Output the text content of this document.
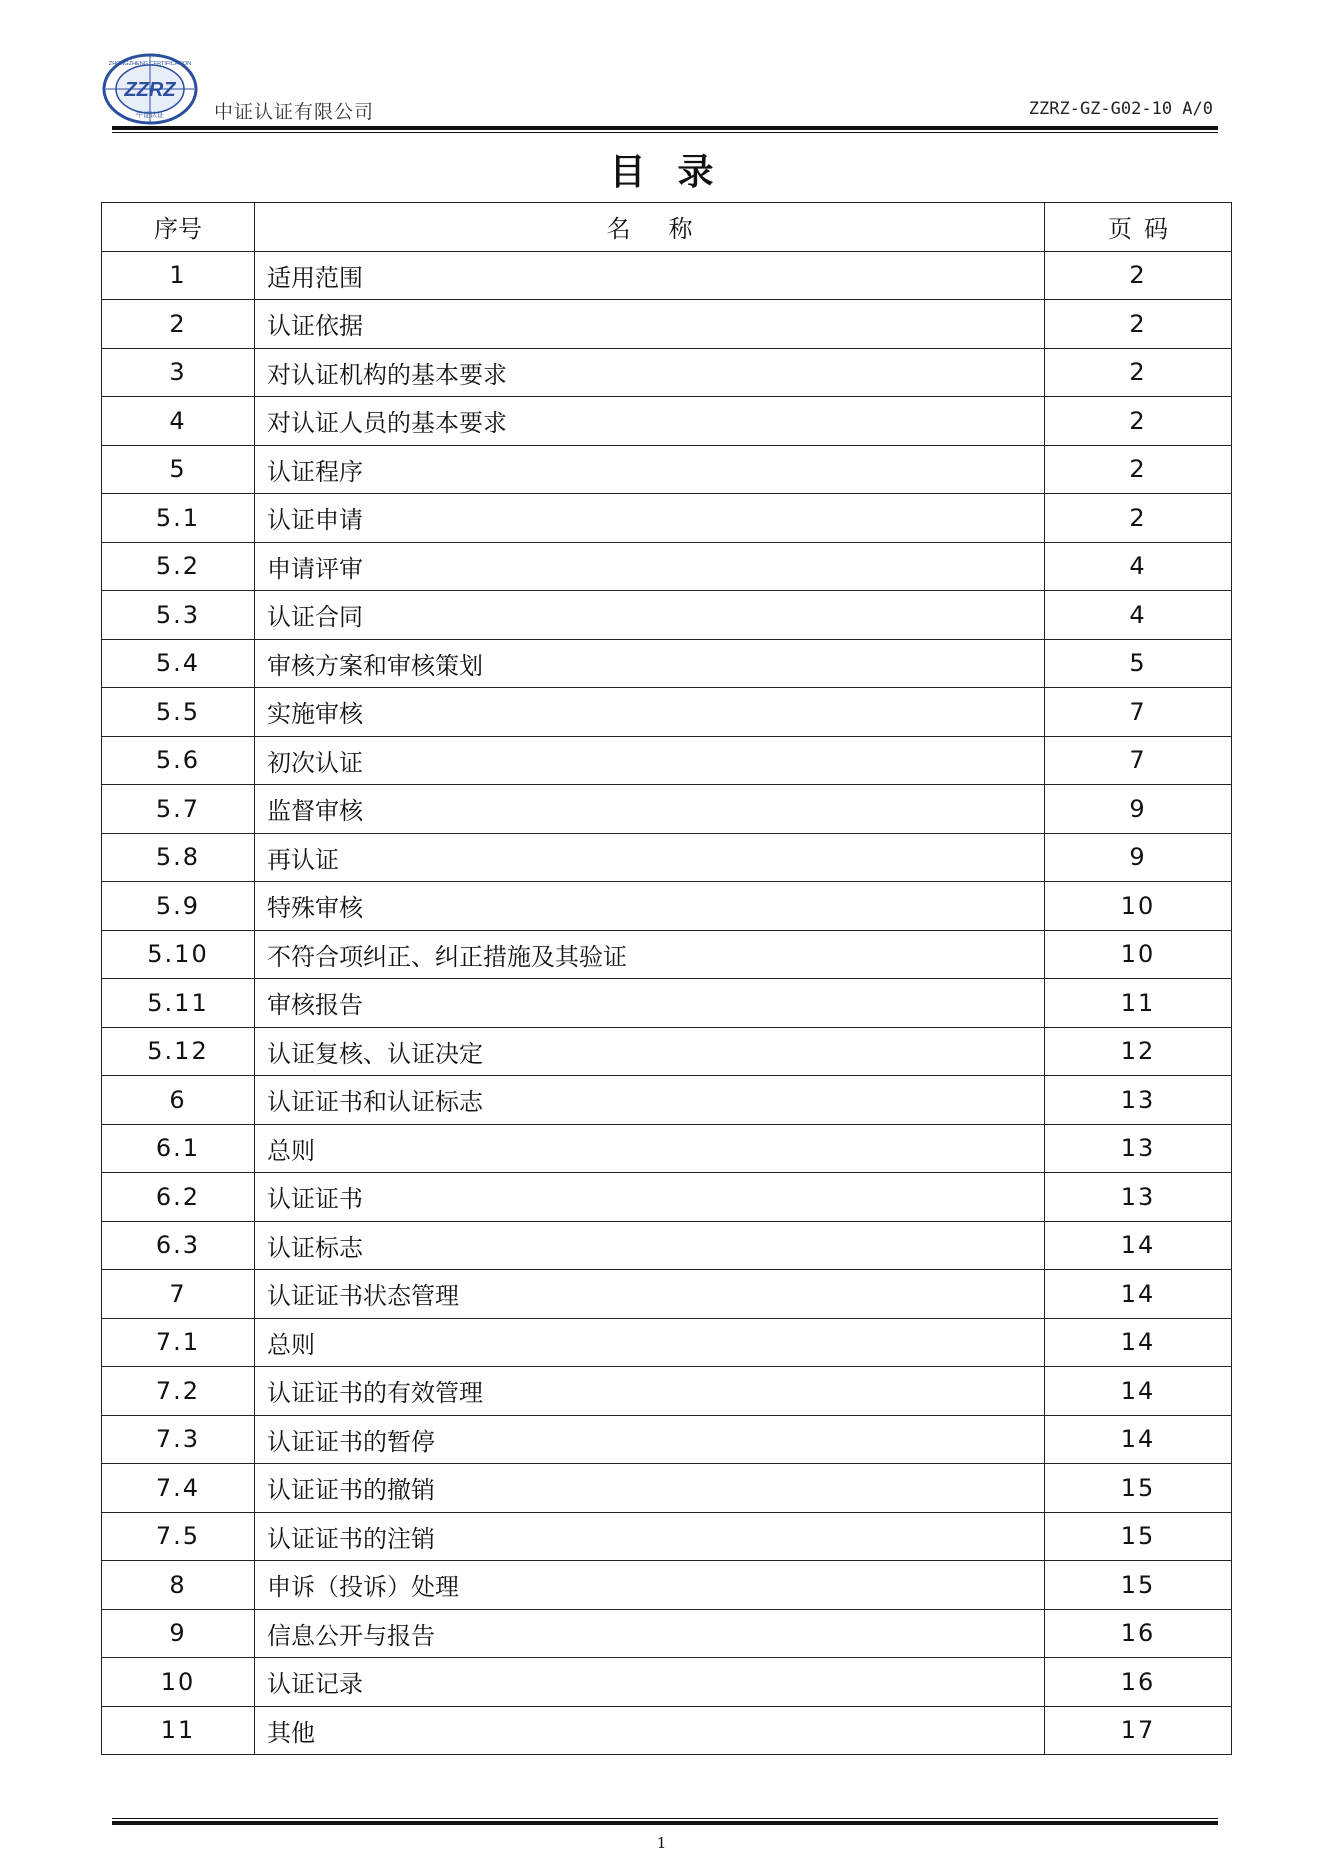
ZZRZ
中证认证
ZHONGZHENG CERTIFICATION
中证认证有限公司	ZZRZ-GZ-G02-10 A/0
目录
序号	名称	页码
1	适用范围	2
2	认证依据	2
3	对认证机构的基本要求	2
4	对认证人员的基本要求	2
5	认证程序	2
5.1	认证申请	2
5.2	申请评审	4
5.3	认证合同	4
5.4	审核方案和审核策划	5
5.5	实施审核	7
5.6	初次认证	7
5.7	监督审核	9
5.8	再认证	9
5.9	特殊审核	10
5.10	不符合项纠正、纠正措施及其验证	10
5.11	审核报告	11
5.12	认证复核、认证决定	12
6	认证证书和认证标志	13
6.1	总则	13
6.2	认证证书	13
6.3	认证标志	14
7	认证证书状态管理	14
7.1	总则	14
7.2	认证证书的有效管理	14
7.3	认证证书的暂停	14
7.4	认证证书的撤销	15
7.5	认证证书的注销	15
8	申诉（投诉）处理	15
9	信息公开与报告	16
10	认证记录	16
11	其他	17
1
